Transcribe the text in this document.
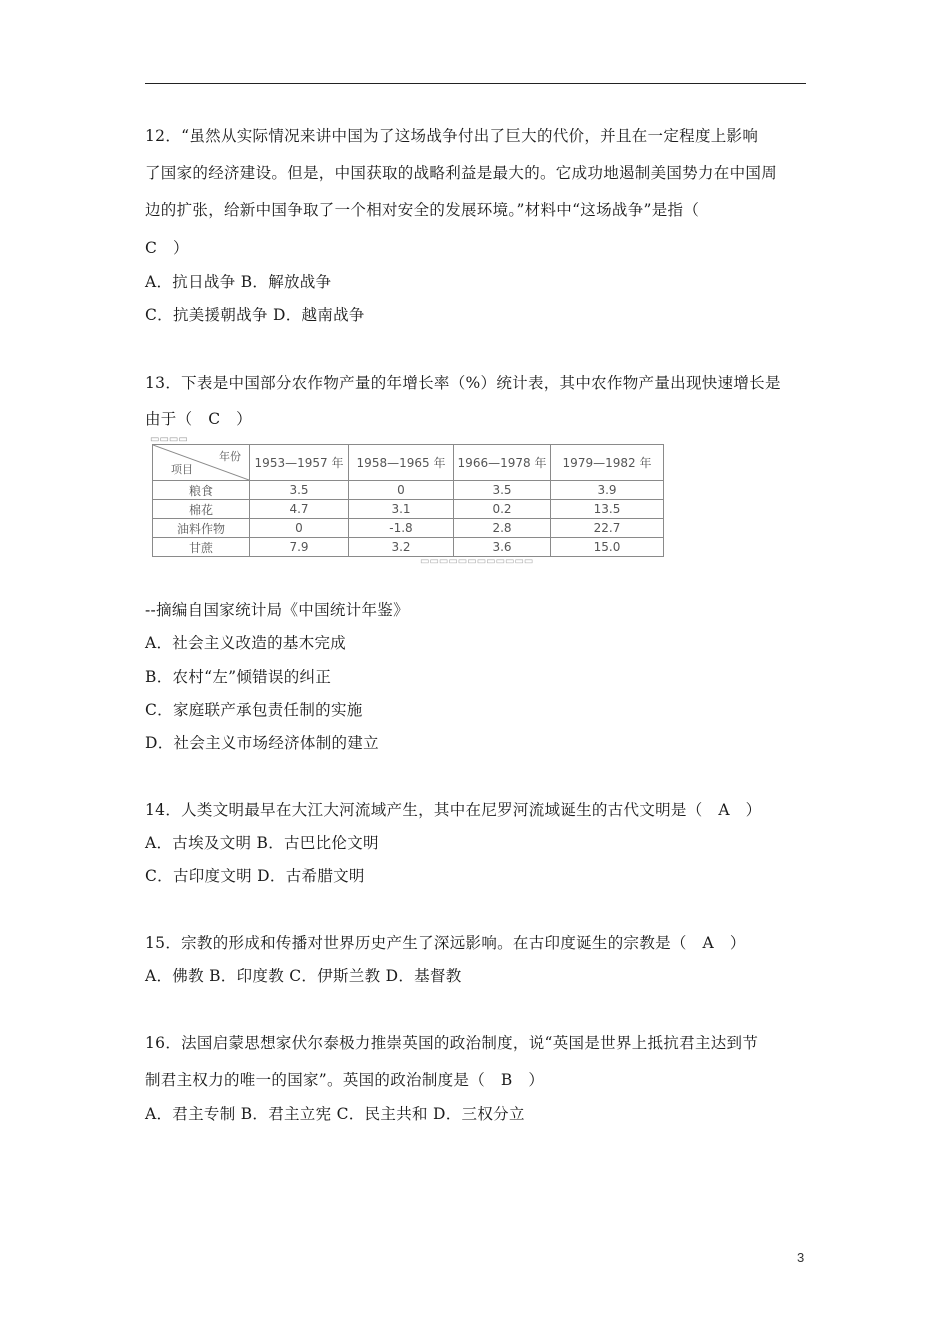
12．“虽然从实际情况来讲中国为了这场战争付出了巨大的代价，并且在一定程度上影响
了国家的经济建设。但是，中国获取的战略利益是最大的。它成功地遏制美国势力在中国周
边的扩张，给新中国争取了一个相对安全的发展环境。”材料中“这场战争”是指（
C　）
A．抗日战争 B．解放战争
C．抗美援朝战争 D．越南战争
13．下表是中国部分农作物产量的年增长率（%）统计表，其中农作物产量出现快速增长是
由于（　C　）
▭▭▭▭
年份
项目	1953—1957 年	1958—1965 年	1966—1978 年	1979—1982 年
粮食	3.5	0	3.5	3.9
棉花	4.7	3.1	0.2	13.5
油料作物	0	-1.8	2.8	22.7
甘蔗	7.9	3.2	3.6	15.0
▭▭▭▭▭▭▭▭▭▭▭▭
--摘编自国家统计局《中国统计年鉴》
A．社会主义改造的基木完成
B．农村“左”倾错误的纠正
C．家庭联产承包责任制的实施
D．社会主义市场经济体制的建立
14．人类文明最早在大江大河流域产生，其中在尼罗河流域诞生的古代文明是（　A　）
A．古埃及文明 B．古巴比伦文明
C．古印度文明 D．古希腊文明
15．宗教的形成和传播对世界历史产生了深远影响。在古印度诞生的宗教是（　A　）
A．佛教 B．印度教 C．伊斯兰教 D．基督教
16．法国启蒙思想家伏尔泰极力推崇英国的政治制度，说“英国是世界上抵抗君主达到节
制君主权力的唯一的国家”。英国的政治制度是（　B　）
A．君主专制 B．君主立宪 C．民主共和 D．三权分立
3
